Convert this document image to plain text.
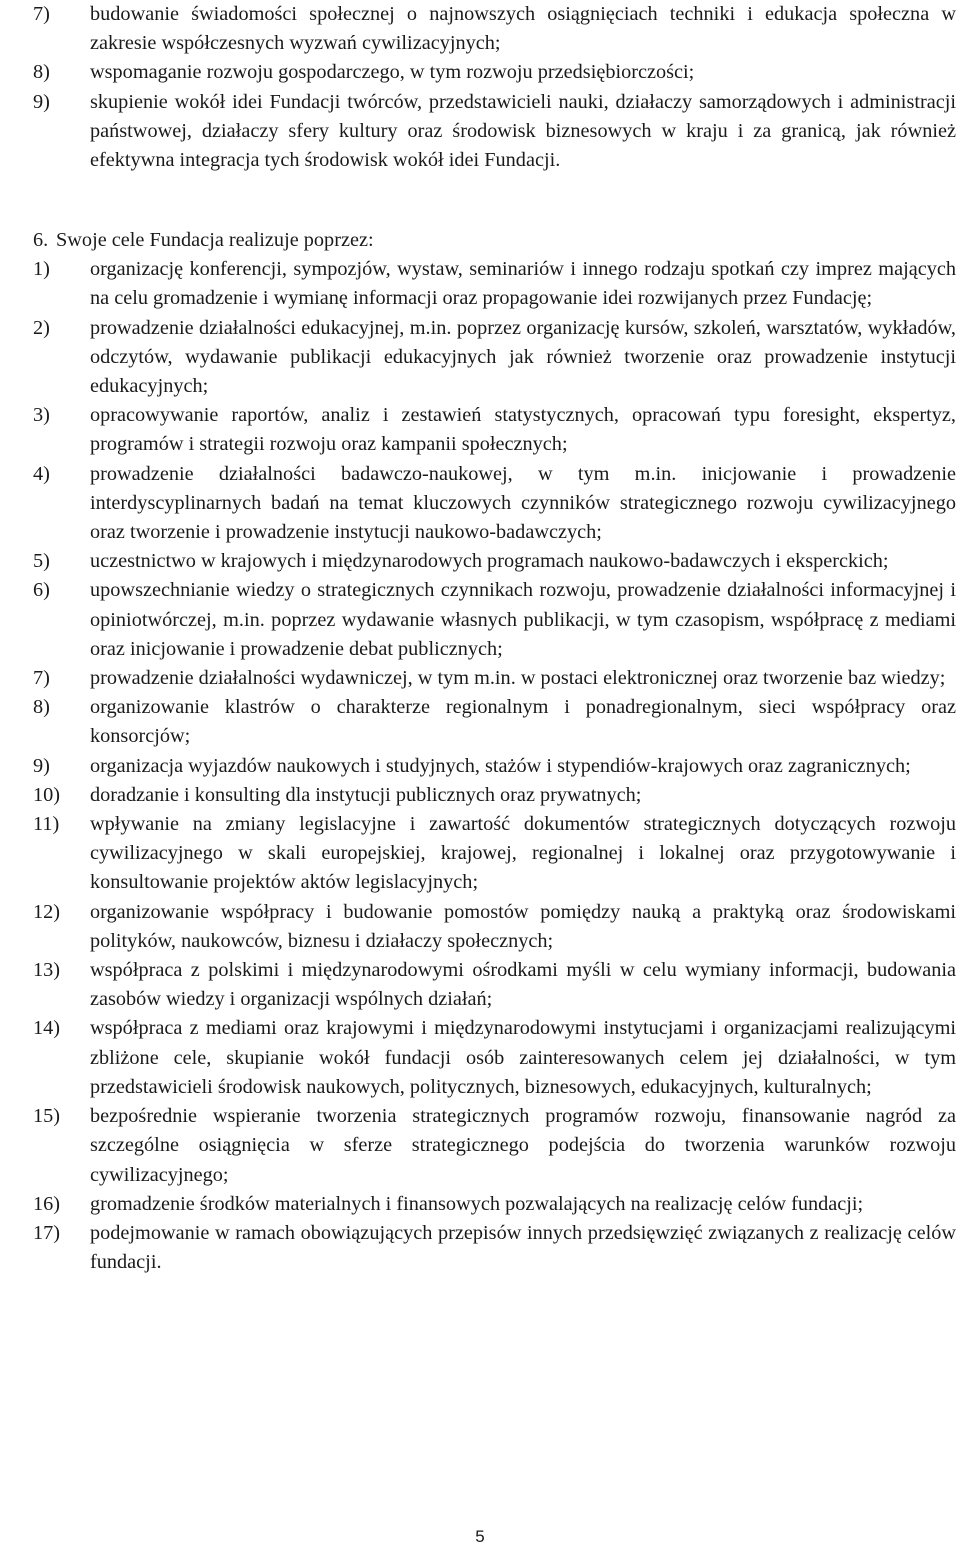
7)	budowanie świadomości społecznej o najnowszych osiągnięciach techniki i edukacja społeczna w zakresie współczesnych wyzwań cywilizacyjnych;
8)	wspomaganie rozwoju gospodarczego, w tym rozwoju przedsiębiorczości;
9)	skupienie wokół idei Fundacji twórców, przedstawicieli nauki, działaczy samorządowych i administracji państwowej, działaczy sfery kultury oraz środowisk biznesowych w kraju i za granicą, jak również efektywna integracja tych środowisk wokół idei Fundacji.
6. Swoje cele Fundacja realizuje poprzez:
1)	organizację konferencji, sympozjów, wystaw, seminariów i innego rodzaju spotkań czy imprez mających na celu gromadzenie i wymianę informacji oraz propagowanie idei rozwijanych przez Fundację;
2)	prowadzenie działalności edukacyjnej, m.in. poprzez organizację kursów, szkoleń, warsztatów, wykładów, odczytów, wydawanie publikacji edukacyjnych jak również tworzenie oraz prowadzenie instytucji edukacyjnych;
3)	opracowywanie raportów, analiz i zestawień statystycznych, opracowań typu foresight, ekspertyz, programów i strategii rozwoju oraz kampanii społecznych;
4)	prowadzenie działalności badawczo-naukowej, w tym m.in. inicjowanie i prowadzenie interdyscyplinarnych badań na temat kluczowych czynników strategicznego rozwoju cywilizacyjnego oraz tworzenie i prowadzenie instytucji naukowo-badawczych;
5)	uczestnictwo w krajowych i międzynarodowych programach naukowo-badawczych i eksperckich;
6)	upowszechnianie wiedzy o strategicznych czynnikach rozwoju, prowadzenie działalności informacyjnej i opiniotwórczej, m.in. poprzez wydawanie własnych publikacji, w tym czasopism, współpracę z mediami oraz inicjowanie i prowadzenie debat publicznych;
7)	prowadzenie działalności wydawniczej, w tym m.in. w postaci elektronicznej oraz tworzenie baz wiedzy;
8)	organizowanie klastrów o charakterze regionalnym i ponadregionalnym, sieci współpracy oraz konsorcjów;
9)	organizacja wyjazdów naukowych i studyjnych, stażów i stypendiów-krajowych oraz zagranicznych;
10)	doradzanie i konsulting dla instytucji publicznych oraz prywatnych;
11)	wpływanie na zmiany legislacyjne i zawartość dokumentów strategicznych dotyczących rozwoju cywilizacyjnego w skali europejskiej, krajowej, regionalnej i lokalnej oraz przygotowywanie i konsultowanie projektów aktów legislacyjnych;
12)	organizowanie współpracy i budowanie pomostów pomiędzy nauką a praktyką oraz środowiskami polityków, naukowców, biznesu i działaczy społecznych;
13)	współpraca z polskimi i międzynarodowymi ośrodkami myśli w celu wymiany informacji, budowania zasobów wiedzy i organizacji wspólnych działań;
14)	współpraca z mediami oraz krajowymi i międzynarodowymi instytucjami i organizacjami realizującymi zbliżone cele, skupianie wokół fundacji osób zainteresowanych celem jej działalności, w tym przedstawicieli środowisk naukowych, politycznych, biznesowych, edukacyjnych, kulturalnych;
15)	bezpośrednie wspieranie tworzenia strategicznych programów rozwoju, finansowanie nagród za szczególne osiągnięcia w sferze strategicznego podejścia do tworzenia warunków rozwoju cywilizacyjnego;
16)	gromadzenie środków materialnych i finansowych pozwalających na realizację celów fundacji;
17)	podejmowanie w ramach obowiązujących przepisów innych przedsięwzięć związanych z realizację celów fundacji.
5
